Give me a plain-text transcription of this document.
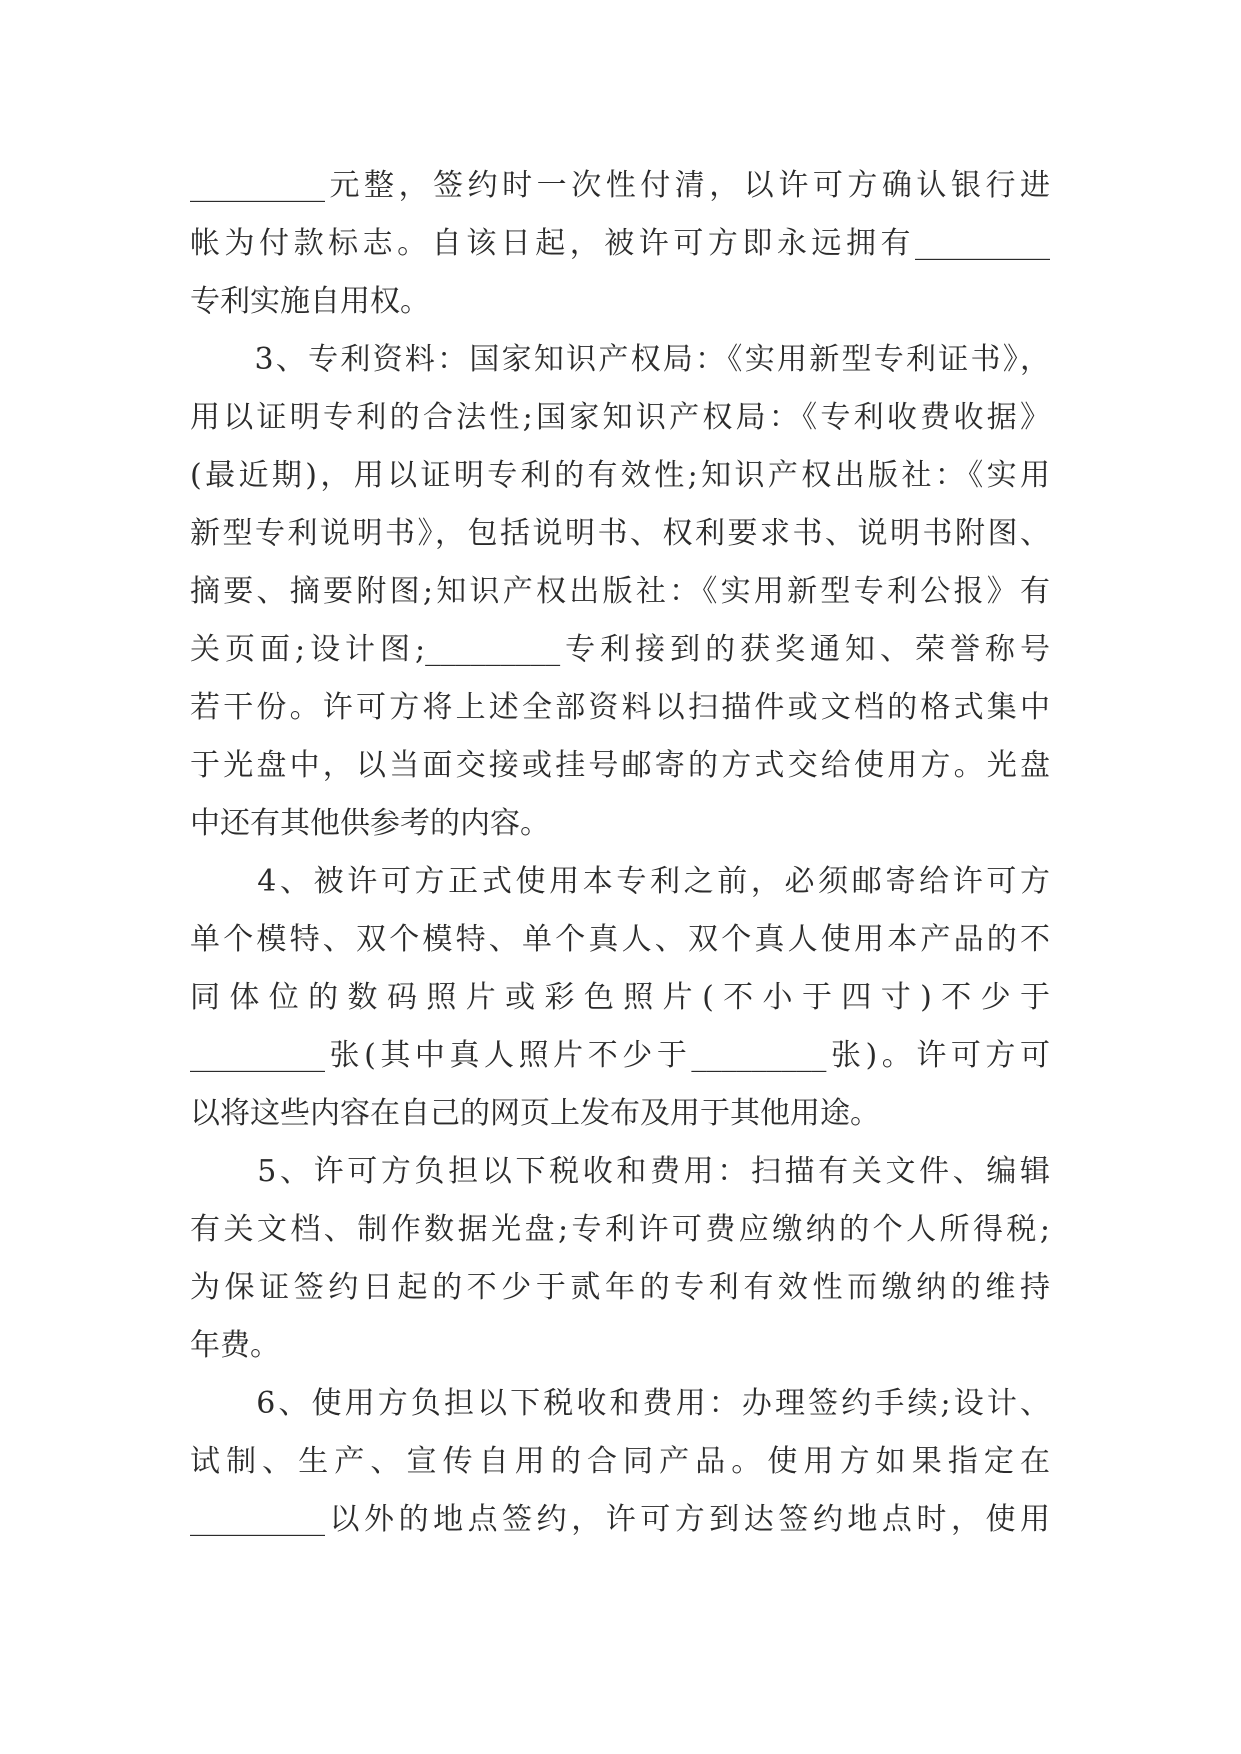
_________元整，签约时一次性付清，以许可方确认银行进
帐为付款标志。自该日起，被许可方即永远拥有_________
专利实施自用权。

　　3、专利资料：国家知识产权局：《实用新型专利证书》，
用以证明专利的合法性;国家知识产权局：《专利收费收据》
(最近期)，用以证明专利的有效性;知识产权出版社：《实用
新型专利说明书》，包括说明书、权利要求书、说明书附图、
摘要、摘要附图;知识产权出版社：《实用新型专利公报》有
关页面;设计图;_________专利接到的获奖通知、荣誉称号
若干份。许可方将上述全部资料以扫描件或文档的格式集中
于光盘中，以当面交接或挂号邮寄的方式交给使用方。光盘
中还有其他供参考的内容。

　　4、被许可方正式使用本专利之前，必须邮寄给许可方
单个模特、双个模特、单个真人、双个真人使用本产品的不
同体位的数码照片或彩色照片(不小于四寸)不少于
_________张(其中真人照片不少于_________张)。许可方可
以将这些内容在自己的网页上发布及用于其他用途。

　　5、许可方负担以下税收和费用：扫描有关文件、编辑
有关文档、制作数据光盘;专利许可费应缴纳的个人所得税;
为保证签约日起的不少于贰年的专利有效性而缴纳的维持
年费。

　　6、使用方负担以下税收和费用：办理签约手续;设计、
试制、生产、宣传自用的合同产品。使用方如果指定在
_________以外的地点签约，许可方到达签约地点时，使用
